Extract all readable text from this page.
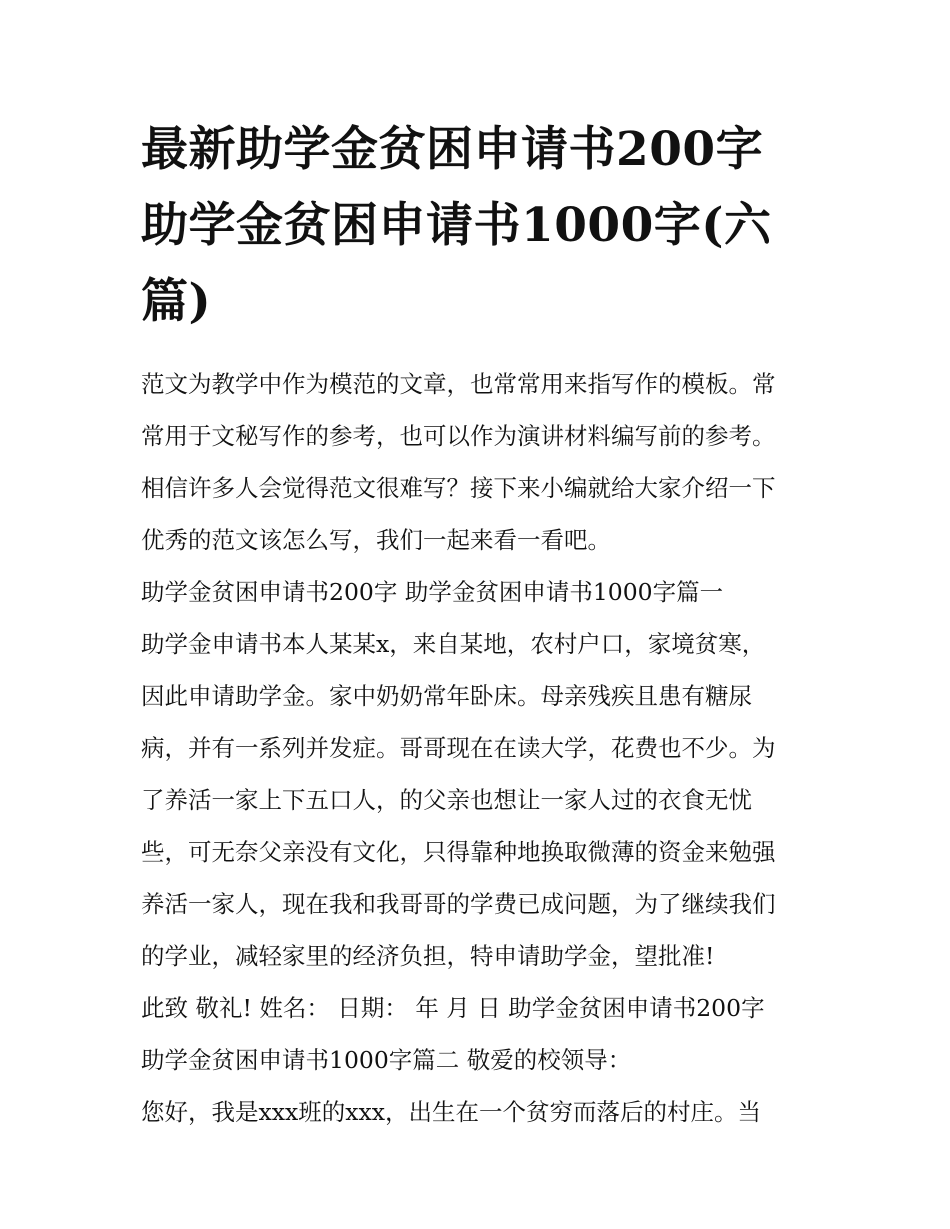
最新助学金贫困申请书200字
助学金贫困申请书1000字(六
篇)
范文为教学中作为模范的文章，也常常用来指写作的模板。常
常用于文秘写作的参考，也可以作为演讲材料编写前的参考。
相信许多人会觉得范文很难写？接下来小编就给大家介绍一下
优秀的范文该怎么写，我们一起来看一看吧。
助学金贫困申请书200字 助学金贫困申请书1000字篇一
助学金申请书本人某某x，来自某地，农村户口，家境贫寒，
因此申请助学金。家中奶奶常年卧床。母亲残疾且患有糖尿
病，并有一系列并发症。哥哥现在在读大学，花费也不少。为
了养活一家上下五口人，的父亲也想让一家人过的衣食无忧
些，可无奈父亲没有文化，只得靠种地换取微薄的资金来勉强
养活一家人，现在我和我哥哥的学费已成问题，为了继续我们
的学业，减轻家里的经济负担，特申请助学金，望批准!
此致 敬礼! 姓名： 日期： 年 月 日 助学金贫困申请书200字
助学金贫困申请书1000字篇二 敬爱的校领导：
您好，我是xxx班的xxx，出生在一个贫穷而落后的村庄。当
